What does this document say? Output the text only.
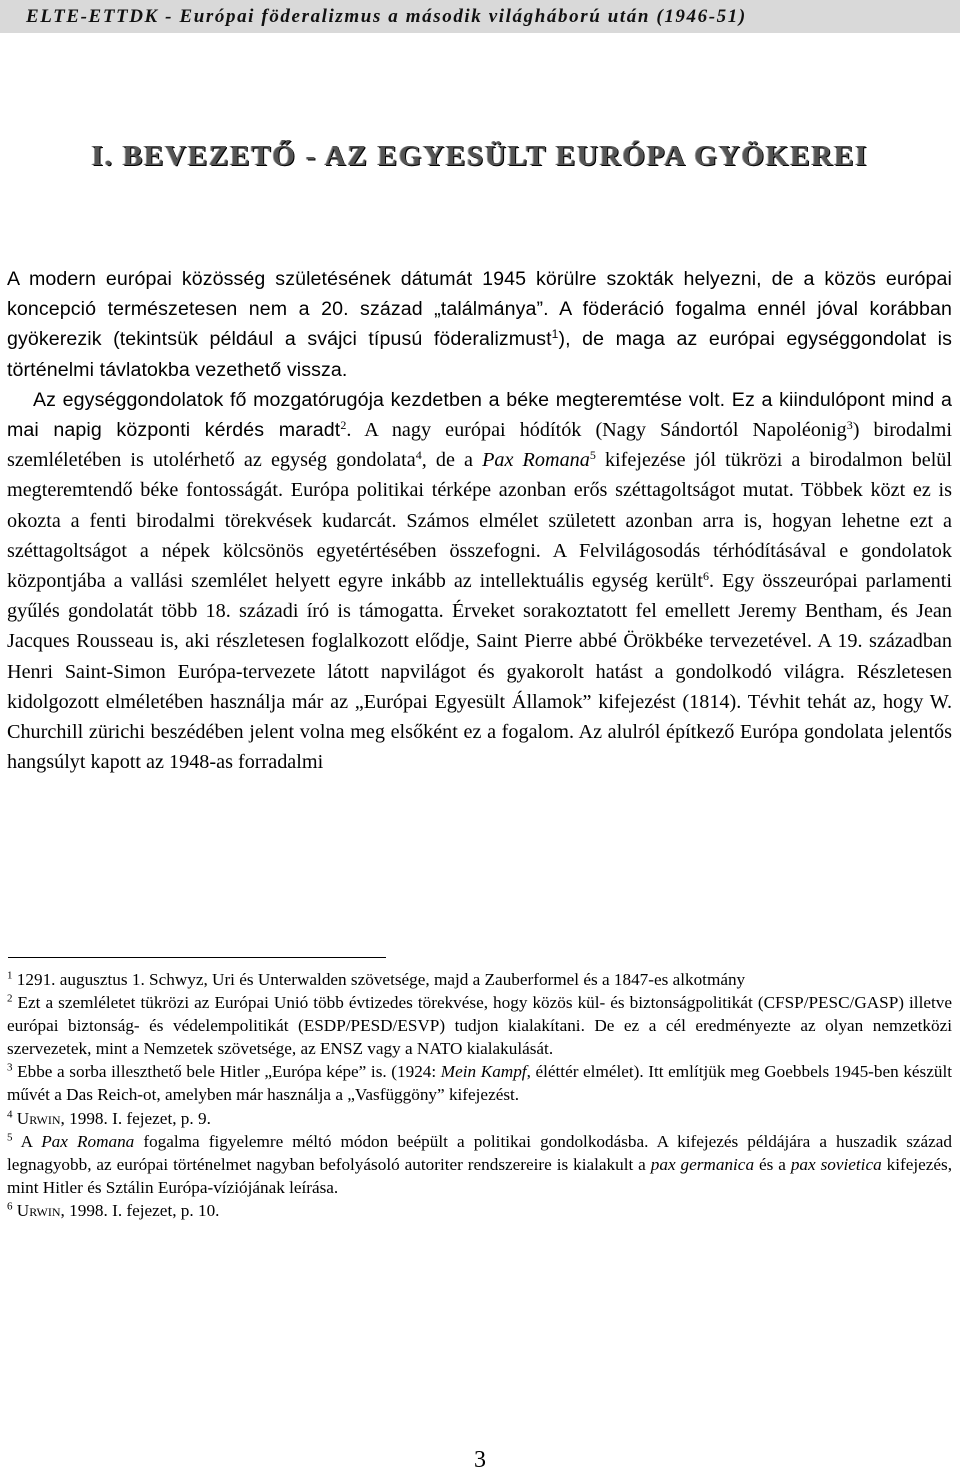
ELTE-ETTDK - Európai föderalizmus a második világháború után (1946-51)
I. BEVEZETŐ - AZ EGYESÜLT EURÓPA GYÖKEREI

A modern európai közösség születésének dátumát 1945 körülre szokták helyezni, de a közös európai koncepció természetesen nem a 20. század „találmánya”. A föderáció fogalma ennél jóval korábban gyökerezik (tekintsük például a svájci típusú föderalizmust$^1$), de maga az európai egységgondolat is történelmi távlatokba vezethető vissza.

Az egységgondolatok fő mozgatórugója kezdetben a béke megteremtése volt. Ez a kiindulópont mind a mai napig központi kérdés maradt$^2$. A nagy európai hódítók (Nagy Sándortól Napoléonig$^3$) birodalmi szemléletében is utolérhető az egység gondolata$^4$, de a Pax Romana$^5$ kifejezése jól tükrözi a birodalmon belül megteremtendő béke fontosságát. Európa politikai térképe azonban erős széttagoltságot mutat. Többek közt ez is okozta a fenti birodalmi törekvések kudarcát. Számos elmélet született azonban arra is, hogyan lehetne ezt a széttagoltságot a népek kölcsönös egyetértésében összefogni. A Felvilágosodás térhódításával e gondolatok központjába a vallási szemlélet helyett egyre inkább az intellektuális egység került$^6$. Egy összeurópai parlamenti gyűlés gondolatát több 18. századi író is támogatta. Érveket sorakoztatott fel emellett Jeremy Bentham, és Jean Jacques Rousseau is, aki részletesen foglalkozott elődje, Saint Pierre abbé Örökbéke tervezetével. A 19. században Henri Saint-Simon Európa-tervezete látott napvilágot és gyakorolt hatást a gondolkodó világra. Részletesen kidolgozott elméletében használja már az „Európai Egyesült Államok” kifejezést (1814). Tévhit tehát az, hogy W. Churchill zürichi beszédében jelent volna meg elsőként ez a fogalom. Az alulról építkező Európa gondolata jelentős hangsúlyt kapott az 1948-as forradalmi

$^1$ 1291. augusztus 1. Schwyz, Uri és Unterwalden szövetsége, majd a Zauberformel és a 1847-es alkotmány

$^2$ Ezt a szemléletet tükrözi az Európai Unió több évtizedes törekvése, hogy közös kül- és biztonságpolitikát (CFSP/PESC/GASP) illetve európai biztonság- és védelempolitikát (ESDP/PESD/ESVP) tudjon kialakítani. De ez a cél eredményezte az olyan nemzetközi szervezetek, mint a Nemzetek szövetsége, az ENSZ vagy a NATO kialakulását.

$^3$ Ebbe a sorba illeszthető bele Hitler „Európa képe” is. (1924: Mein Kampf, éléttér elmélet). Itt említjük meg Goebbels 1945-ben készült művét a Das Reich-ot, amelyben már használja a „Vasfüggöny” kifejezést.

$^4$ Urwin, 1998. I. fejezet, p. 9.

$^5$ A Pax Romana fogalma figyelemre méltó módon beépült a politikai gondolkodásba. A kifejezés példájára a huszadik század legnagyobb, az európai történelmet nagyban befolyásoló autoriter rendszereire is kialakult a pax germanica és a pax sovietica kifejezés, mint Hitler és Sztálin Európa-víziójának leírása.

$^6$ Urwin, 1998. I. fejezet, p. 10.

3
